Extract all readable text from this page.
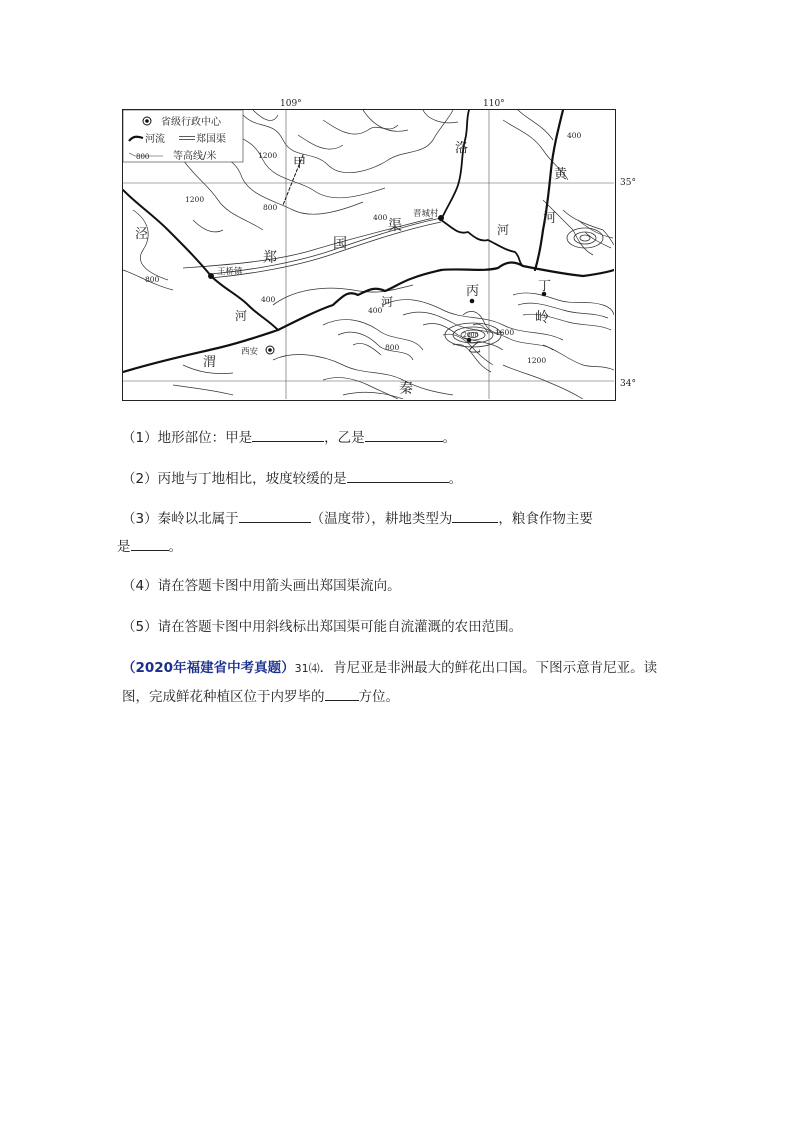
109°	110°
35°
34°
省级行政中心
河流	郑国渠
800 等高线/米	甲
乙
丙	丁
王桥镇
晋城村
西安
泾
洛
黄
河
河
河
河
渭
郑
国
渠
秦
岭
1200
1200
800
800
800
400
400
400
400
1600
1200
2000
（1）地形部位：甲是	，乙是	。
（2）丙地与丁地相比，坡度较缓的是	。
（3）秦岭以北属于	（温度带），耕地类型为	，粮食作物主要
是	。
（4）请在答题卡图中用箭头画出郑国渠流向。
（5）请在答题卡图中用斜线标出郑国渠可能自流灌溉的农田范围。
（2020年福建省中考真题）31⑷．肯尼亚是非洲最大的鲜花出口国。下图示意肯尼亚。读
图，完成鲜花种植区位于内罗毕的	方位。
